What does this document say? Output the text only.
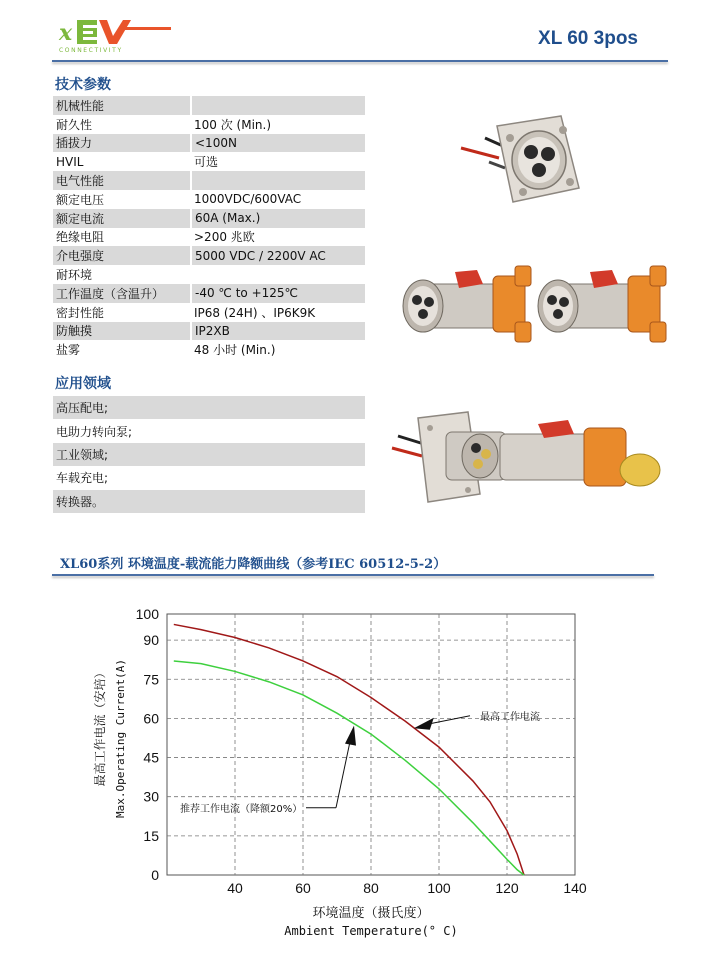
x
CONNECTIVITY
XL 60 3pos
技术参数
机械性能	
耐久性	100 次 (Min.)
插拔力	<100N
HVIL	可选
电气性能	
额定电压	1000VDC/600VAC
额定电流	60A (Max.)
绝缘电阻	>200 兆欧
介电强度	5000 VDC / 2200V AC
耐环境	
工作温度（含温升）	-40 ℃ to +125℃
密封性能	IP68 (24H) 、IP6K9K
防触摸	IP2XB
盐雾	48 小时 (Min.)
应用领域
高压配电;
电助力转向泵;
工业领域;
车载充电;
转换器。
XL60系列 环境温度-载流能力降额曲线（参考IEC 60512-5-2）
0
15
30
45
60
75
90
100
40	60	80	100	120	140
环境温度（摄氏度）
Ambient Temperature(° C)
最高工作电流（安培） Max.Operating Current(A)	最高工作电流
推荐工作电流（降额20%）
